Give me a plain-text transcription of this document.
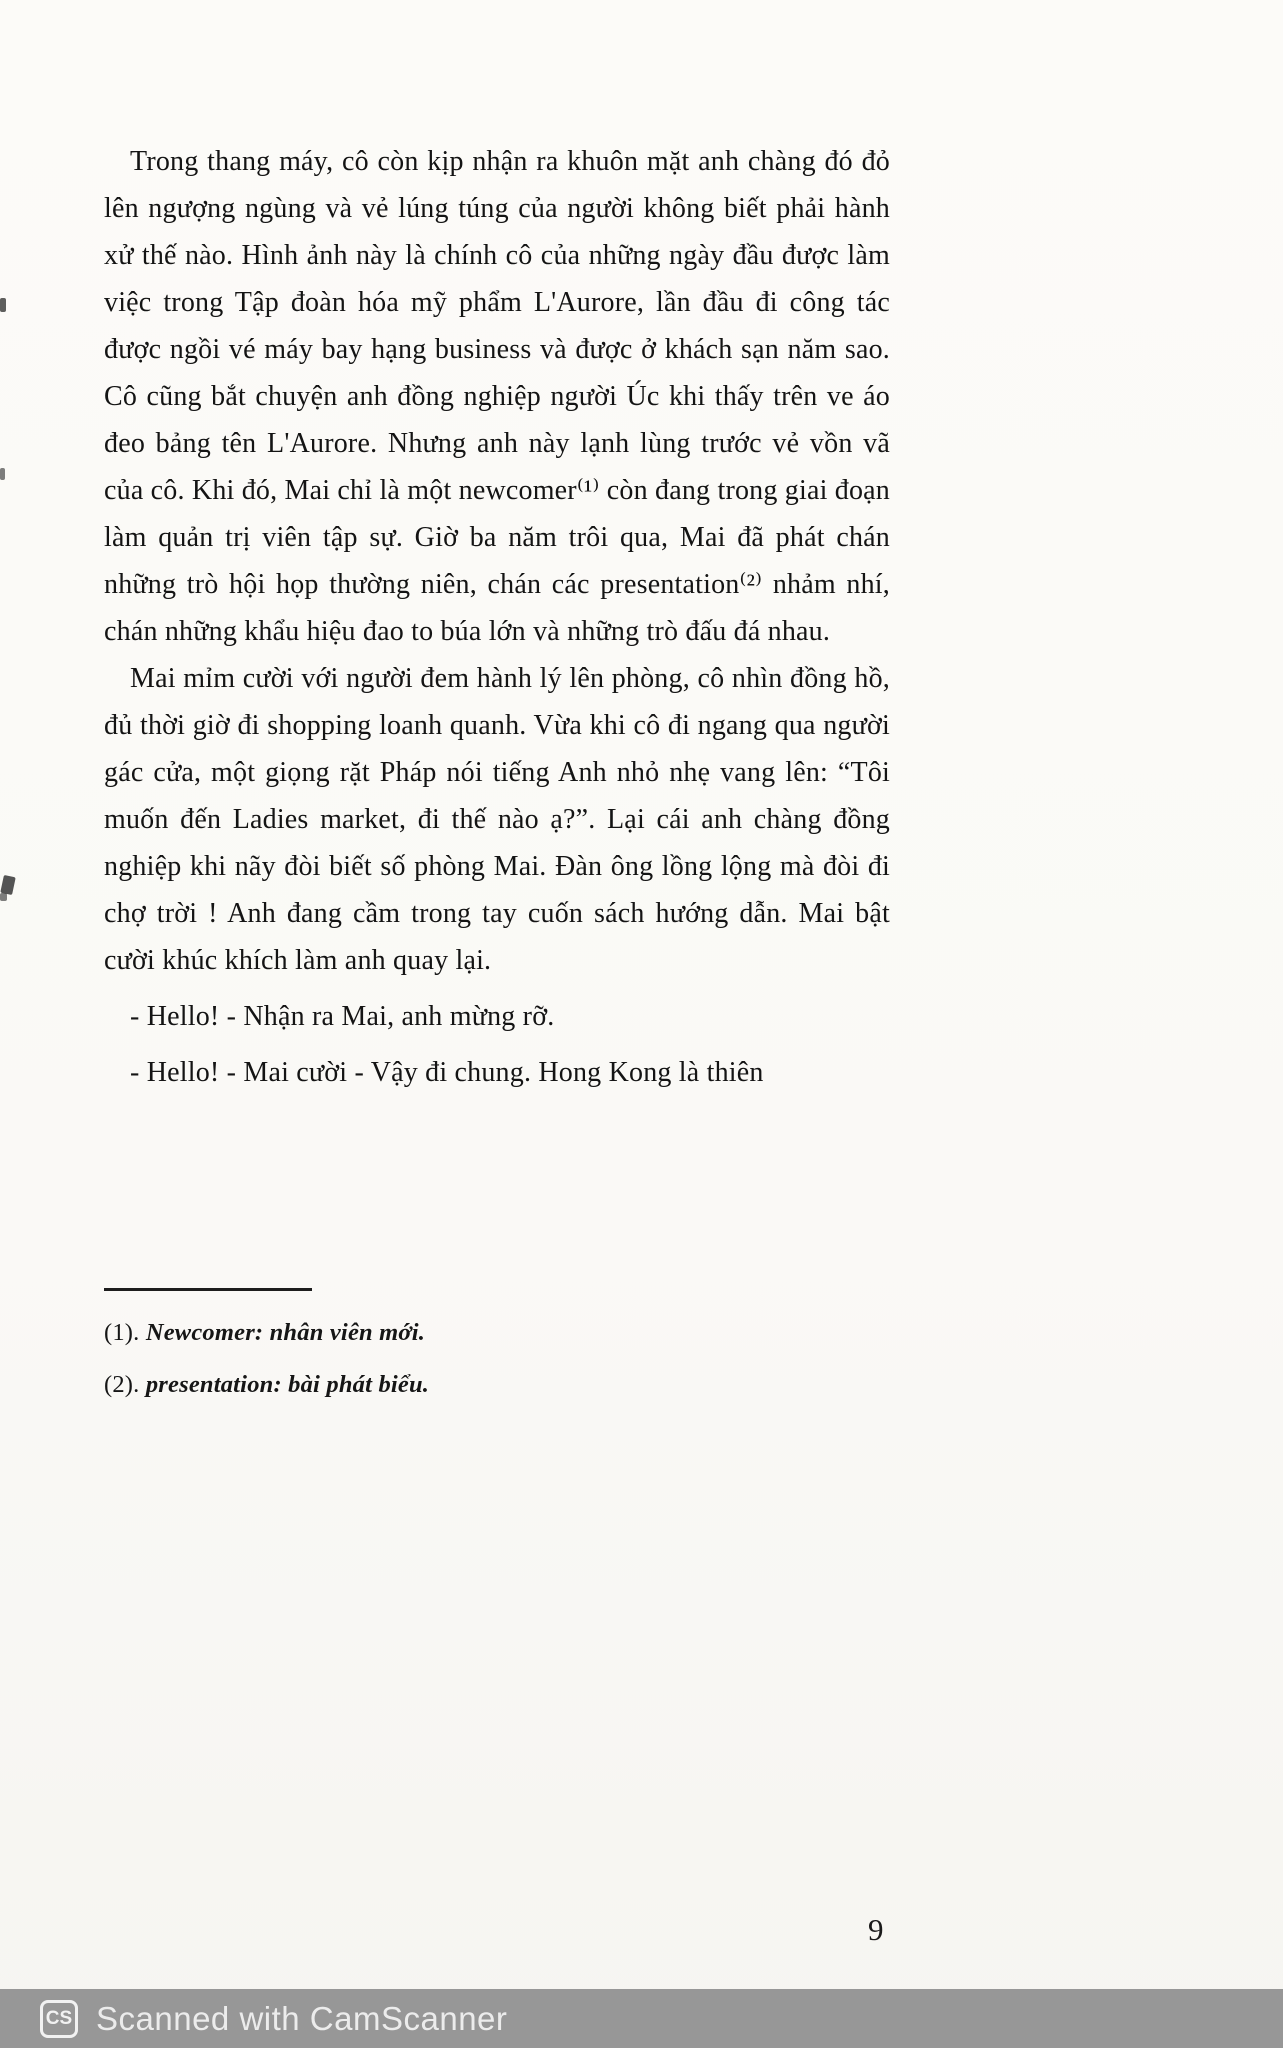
Trong thang máy, cô còn kịp nhận ra khuôn mặt anh chàng đó đỏ lên ngượng ngùng và vẻ lúng túng của người không biết phải hành xử thế nào. Hình ảnh này là chính cô của những ngày đầu được làm việc trong Tập đoàn hóa mỹ phẩm L'Aurore, lần đầu đi công tác được ngồi vé máy bay hạng business và được ở khách sạn năm sao. Cô cũng bắt chuyện anh đồng nghiệp người Úc khi thấy trên ve áo đeo bảng tên L'Aurore. Nhưng anh này lạnh lùng trước vẻ vồn vã của cô. Khi đó, Mai chỉ là một newcomer⁽¹⁾ còn đang trong giai đoạn làm quản trị viên tập sự. Giờ ba năm trôi qua, Mai đã phát chán những trò hội họp thường niên, chán các presentation⁽²⁾ nhảm nhí, chán những khẩu hiệu đao to búa lớn và những trò đấu đá nhau.

Mai mỉm cười với người đem hành lý lên phòng, cô nhìn đồng hồ, đủ thời giờ đi shopping loanh quanh. Vừa khi cô đi ngang qua người gác cửa, một giọng rặt Pháp nói tiếng Anh nhỏ nhẹ vang lên: “Tôi muốn đến Ladies market, đi thế nào ạ?”. Lại cái anh chàng đồng nghiệp khi nãy đòi biết số phòng Mai. Đàn ông lồng lộng mà đòi đi chợ trời ! Anh đang cầm trong tay cuốn sách hướng dẫn. Mai bật cười khúc khích làm anh quay lại.

- Hello! - Nhận ra Mai, anh mừng rỡ.

- Hello! - Mai cười - Vậy đi chung. Hong Kong là thiên

(1). Newcomer: nhân viên mới.

(2). presentation: bài phát biểu.

9
CS Scanned with CamScanner
